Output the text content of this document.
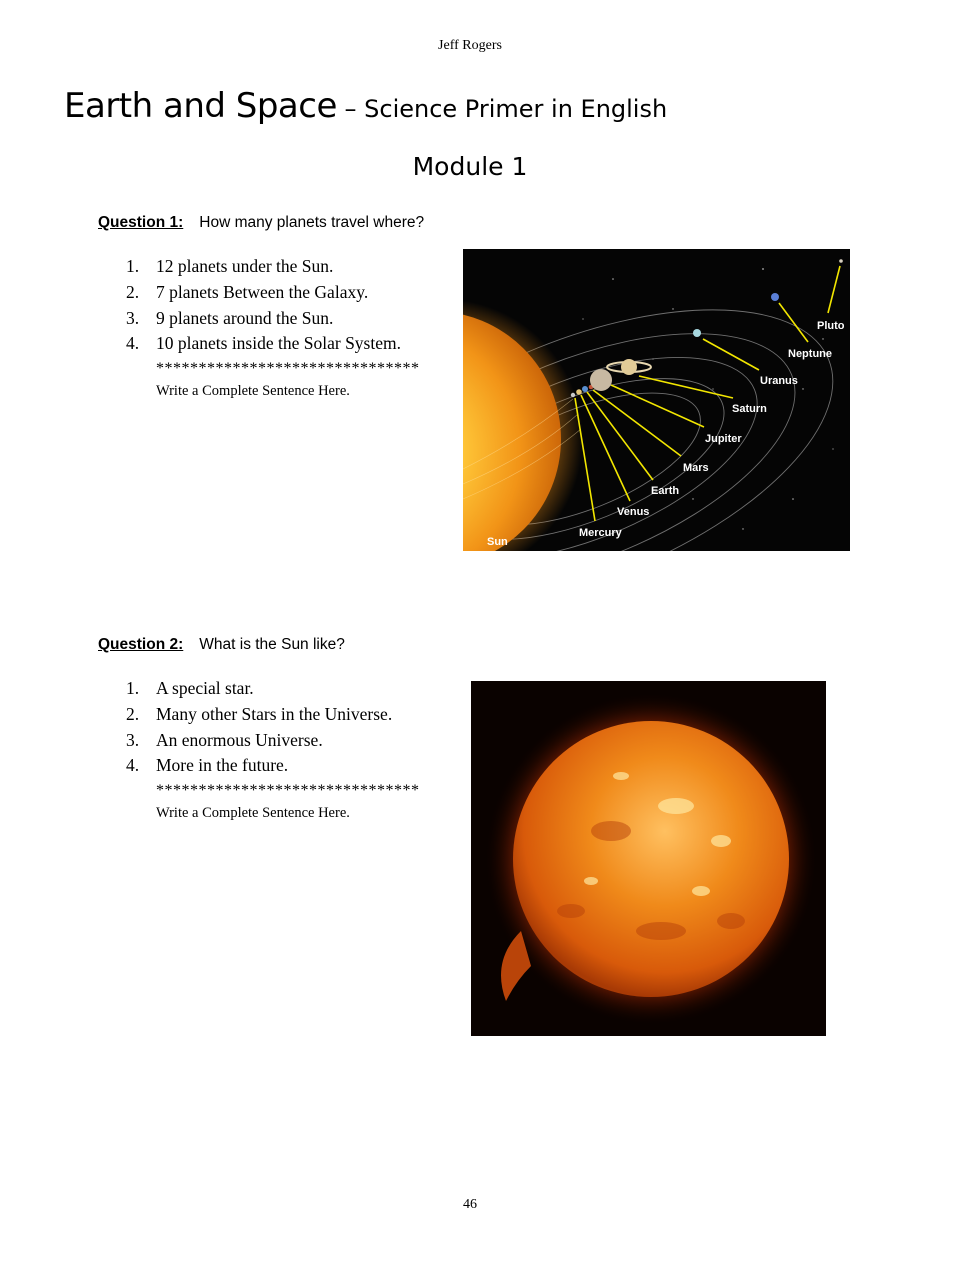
Jeff Rogers
Earth and Space – Science Primer in English
Module 1
Question 1: How many planets travel where?
1. 12 planets under the Sun.
2. 7 planets Between the Galaxy.
3. 9 planets around the Sun.
4. 10 planets inside the Solar System.
*******************************
Write a Complete Sentence Here.
Pluto
Neptune
Uranus
Saturn
Jupiter
Mars
Earth
Venus
Mercury
Sun
Question 2: What is the Sun like?
1. A special star.
2. Many other Stars in the Universe.
3. An enormous Universe.
4. More in the future.
*******************************
Write a Complete Sentence Here.
46
